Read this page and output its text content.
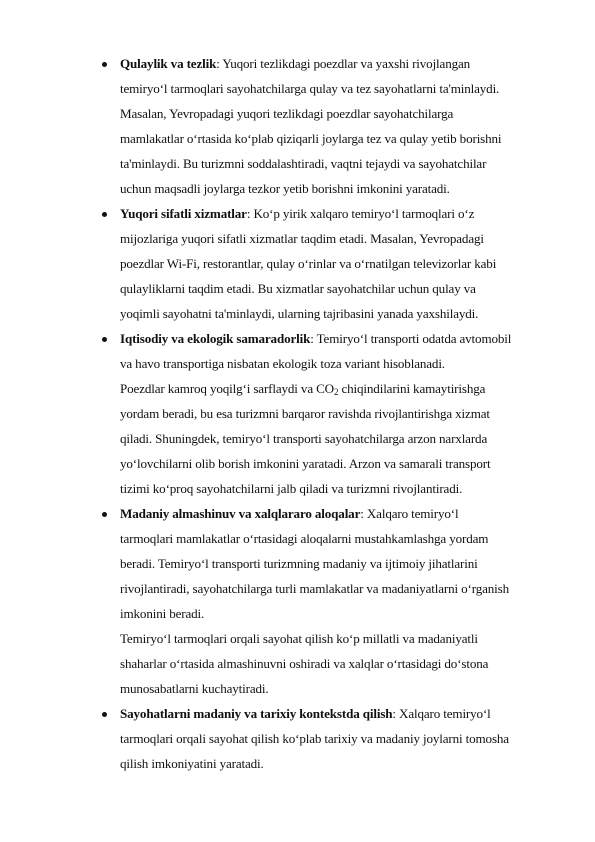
Qulaylik va tezlik: Yuqori tezlikdagi poezdlar va yaxshi rivojlangan
temiryo‘l tarmoqlari sayohatchilarga qulay va tez sayohatlarni ta'minlaydi.
Masalan, Yevropadagi yuqori tezlikdagi poezdlar sayohatchilarga
mamlakatlar o‘rtasida ko‘plab qiziqarli joylarga tez va qulay yetib borishni
ta'minlaydi. Bu turizmni soddalashtiradi, vaqtni tejaydi va sayohatchilar
uchun maqsadli joylarga tezkor yetib borishni imkonini yaratadi.
Yuqori sifatli xizmatlar: Ko‘p yirik xalqaro temiryo‘l tarmoqlari o‘z
mijozlariga yuqori sifatli xizmatlar taqdim etadi. Masalan, Yevropadagi
poezdlar Wi-Fi, restorantlar, qulay o‘rinlar va o‘rnatilgan televizorlar kabi
qulayliklarni taqdim etadi. Bu xizmatlar sayohatchilar uchun qulay va
yoqimli sayohatni ta'minlaydi, ularning tajribasini yanada yaxshilaydi.
Iqtisodiy va ekologik samaradorlik: Temiryo‘l transporti odatda avtomobil
va havo transportiga nisbatan ekologik toza variant hisoblanadi.
Poezdlar kamroq yoqilg‘i sarflaydi va $CO_2$ chiqindilarini kamaytirishga
yordam beradi, bu esa turizmni barqaror ravishda rivojlantirishga xizmat
qiladi. Shuningdek, temiryo‘l transporti sayohatchilarga arzon narxlarda
yo‘lovchilarni olib borish imkonini yaratadi. Arzon va samarali transport
tizimi ko‘proq sayohatchilarni jalb qiladi va turizmni rivojlantiradi.
Madaniy almashinuv va xalqlararo aloqalar: Xalqaro temiryo‘l
tarmoqlari mamlakatlar o‘rtasidagi aloqalarni mustahkamlashga yordam
beradi. Temiryo‘l transporti turizmning madaniy va ijtimoiy jihatlarini
rivojlantiradi, sayohatchilarga turli mamlakatlar va madaniyatlarni o‘rganish
imkonini beradi.
Temiryo‘l tarmoqlari orqali sayohat qilish ko‘p millatli va madaniyatli
shaharlar o‘rtasida almashinuvni oshiradi va xalqlar o‘rtasidagi do‘stona
munosabatlarni kuchaytiradi.
Sayohatlarni madaniy va tarixiy kontekstda qilish: Xalqaro temiryo‘l
tarmoqlari orqali sayohat qilish ko‘plab tarixiy va madaniy joylarni tomosha
qilish imkoniyatini yaratadi.
